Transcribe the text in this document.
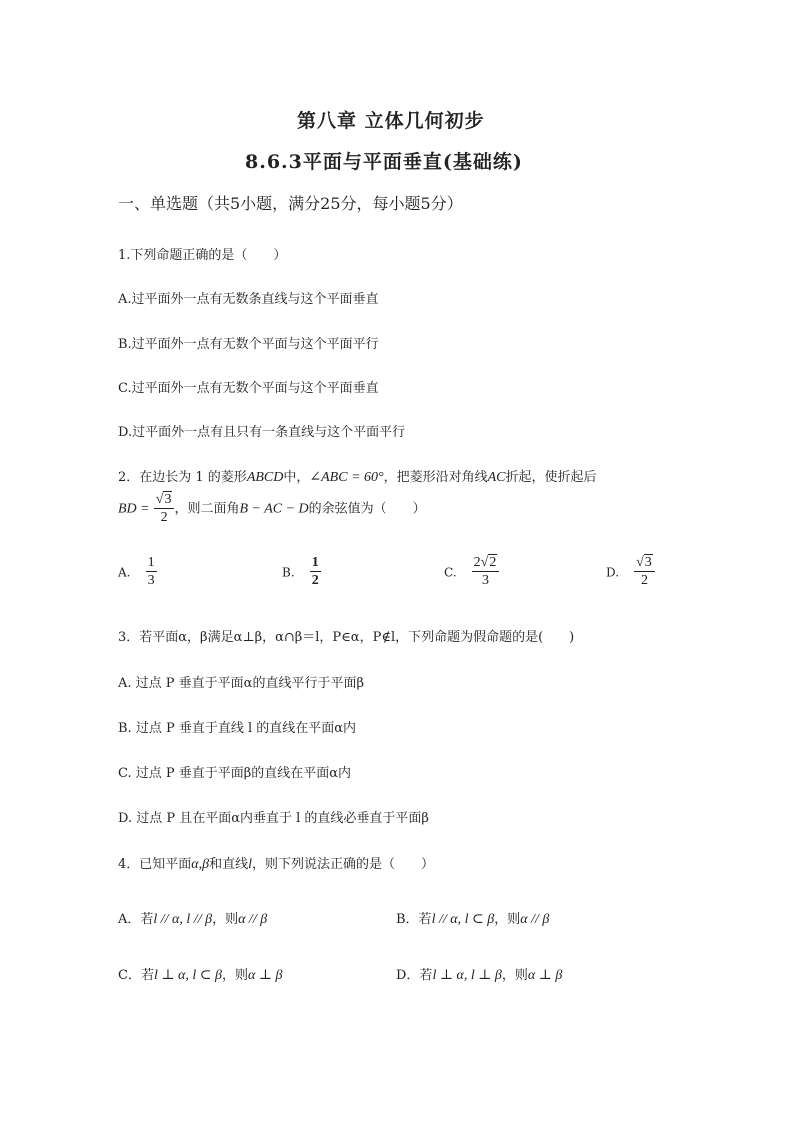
第八章 立体几何初步
8.6.3平面与平面垂直(基础练)
一、单选题（共5小题，满分25分，每小题5分）
1.下列命题正确的是（　　）
A.过平面外一点有无数条直线与这个平面垂直
B.过平面外一点有无数个平面与这个平面平行
C.过平面外一点有无数个平面与这个平面垂直
D.过平面外一点有且只有一条直线与这个平面平行
2．在边长为 1 的菱形ABCD中，∠ABC = 60°，把菱形沿对角线AC折起，使折起后
BD = $\frac{√3}{2}$ ，则二面角B − AC − D的余弦值为（　　）
A. $\frac{1}{3}$	B. $\frac{1}{2}$	C. $\frac{2√2}{3}$	D. $\frac{√3}{2}$
3．若平面α，β满足α⊥β，α∩β＝l，P∈α，P∉l，下列命题为假命题的是(　　)
A. 过点 P 垂直于平面α的直线平行于平面β
B. 过点 P 垂直于直线 l 的直线在平面α内
C. 过点 P 垂直于平面β的直线在平面α内
D. 过点 P 且在平面α内垂直于 l 的直线必垂直于平面β
4．已知平面α,β和直线l，则下列说法正确的是（　　）
A．若l // α, l // β，则α // β	B．若l // α, l ⊂ β，则α // β
C．若l ⊥ α, l ⊂ β，则α ⊥ β	D．若l ⊥ α, l ⊥ β，则α ⊥ β
